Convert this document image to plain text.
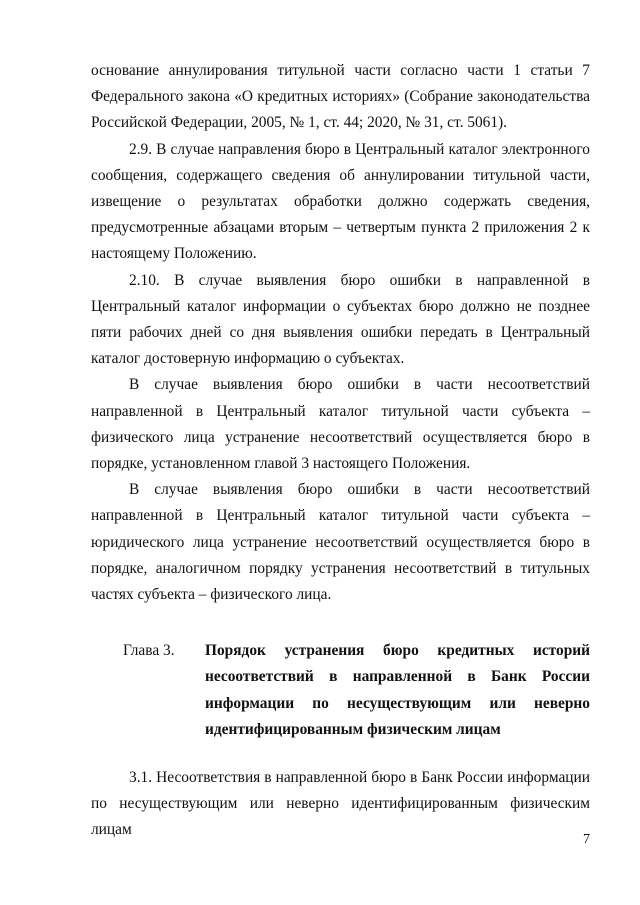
основание аннулирования титульной части согласно части 1 статьи 7 Федерального закона «О кредитных историях» (Собрание законодательства Российской Федерации, 2005, № 1, ст. 44; 2020, № 31, ст. 5061).

2.9. В случае направления бюро в Центральный каталог электронного сообщения, содержащего сведения об аннулировании титульной части, извещение о результатах обработки должно содержать сведения, предусмотренные абзацами вторым – четвертым пункта 2 приложения 2 к настоящему Положению.

2.10. В случае выявления бюро ошибки в направленной в Центральный каталог информации о субъектах бюро должно не позднее пяти рабочих дней со дня выявления ошибки передать в Центральный каталог достоверную информацию о субъектах.

В случае выявления бюро ошибки в части несоответствий направленной в Центральный каталог титульной части субъекта – физического лица устранение несоответствий осуществляется бюро в порядке, установленном главой 3 настоящего Положения.

В случае выявления бюро ошибки в части несоответствий направленной в Центральный каталог титульной части субъекта – юридического лица устранение несоответствий осуществляется бюро в порядке, аналогичном порядку устранения несоответствий в титульных частях субъекта – физического лица.

Глава 3.	Порядок устранения бюро кредитных историй несоответствий в направленной в Банк России информации по несуществующим или неверно идентифицированным физическим лицам

3.1. Несоответствия в направленной бюро в Банк России информации по несуществующим или неверно идентифицированным физическим лицам

7
